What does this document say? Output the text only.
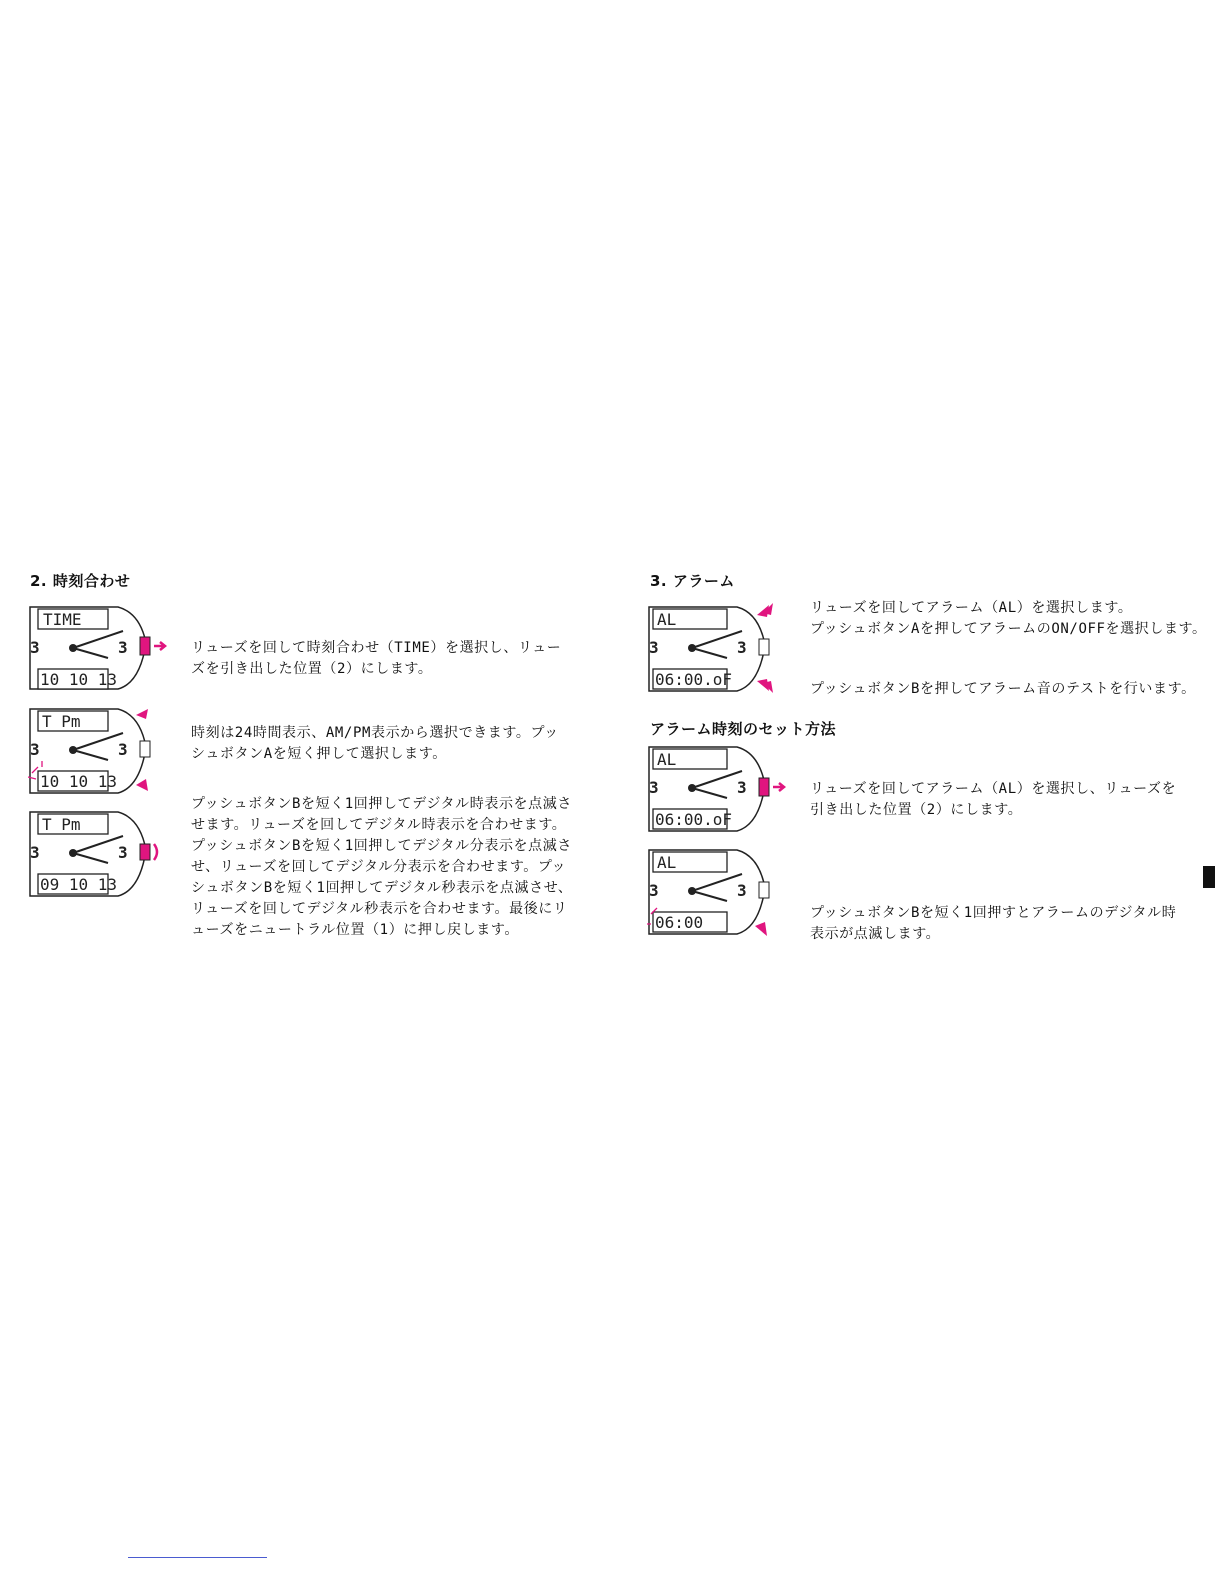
2. 時刻合わせ
TIME
10 10 13
3	3	リューズを回して時刻合わせ（TIME）を選択し、リュー
ズを引き出した位置（2）にします。
T Pm
10 10 13
3	3
時刻は24時間表示、AM/PM表示から選択できます。プッ
シュボタンAを短く押して選択します。
T Pm
09 10 13
3	3
プッシュボタンBを短く1回押してデジタル時表示を点滅さ
せます。リューズを回してデジタル時表示を合わせます。
プッシュボタンBを短く1回押してデジタル分表示を点滅さ
せ、リューズを回してデジタル分表示を合わせます。プッ
シュボタンBを短く1回押してデジタル秒表示を点滅させ、
リューズを回してデジタル秒表示を合わせます。最後にリ
ューズをニュートラル位置（1）に押し戻します。
3. アラーム
AL
06:00.oF
3	3
リューズを回してアラーム（AL）を選択します。
プッシュボタンAを押してアラームのON/OFFを選択します。
プッシュボタンBを押してアラーム音のテストを行います。
アラーム時刻のセット方法
AL
06:00.oF
3	3	リューズを回してアラーム（AL）を選択し、リューズを
引き出した位置（2）にします。
AL
06:00
3	3
プッシュボタンBを短く1回押すとアラームのデジタル時
表示が点滅します。
